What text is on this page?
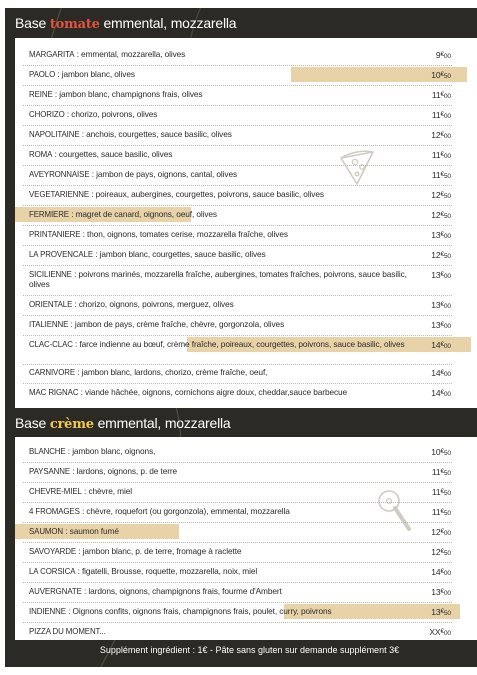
Base tomate emmental, mozzarella
MARGARITA : emmental, mozzarella, olives	9€00
PAOLO : jambon blanc, olives	10€50
REINE : jambon blanc, champignons frais, olives	11€00
CHORIZO : chorizo, poivrons, olives	11€00
NAPOLITAINE : anchois, courgettes, sauce basilic, olives	12€00
ROMA : courgettes, sauce basilic, olives	11€00
AVEYRONNAISE : jambon de pays, oignons, cantal, olives	11€50
VEGETARIENNE : poireaux, aubergines, courgettes, poivrons, sauce basilic, olives	12€50
FERMIERE : magret de canard, oignons, oeuf, olives	12€50
PRINTANIERE : thon, oignons, tomates cerise, mozzarella fraîche, olives	13€00
LA PROVENCALE : jambon blanc, courgettes, sauce basilic, olives	12€50
SICILIENNE : poivrons marinés, mozzarella fraîche, aubergines, tomates fraîches, poivrons, sauce basilic, olives
13€00
ORIENTALE : chorizo, oignons, poivrons, merguez, olives	13€00
ITALIENNE : jambon de pays, crème fraîche, chèvre, gorgonzola, olives	13€00
CLAC-CLAC : farce indienne au bœuf, crème fraîche, poireaux, courgettes, poivrons, sauce basilic, olives	14€00
CARNIVORE : jambon blanc, lardons, chorizo, crème fraîche, oeuf,	14€00
MAC RIGNAC : viande hâchée, oignons, cornichons aigre doux, cheddar,sauce barbecue	14€00
Base crème emmental, mozzarella
BLANCHE : jambon blanc, oignons,	10€50
PAYSANNE : lardons, oignons, p. de terre	11€50
CHEVRE-MIEL : chèvre, miel	11€50
4 FROMAGES : chèvre, roquefort (ou gorgonzola), emmental, mozzarella	11€50
SAUMON : saumon fumé	12€00
SAVOYARDE : jambon blanc, p. de terre, fromage à raclette	12€50
LA CORSICA : figatelli, Brousse, roquette, mozzarella, noix, miel	14€00
AUVERGNATE : lardons, oignons, champignons frais, fourme d'Ambert	13€00
INDIENNE : Oignons confits, oignons frais, champignons frais, poulet, curry, poivrons	13€50
PIZZA DU MOMENT...	XX€00
Supplément ingrédient : 1€ - Pâte sans gluten sur demande supplément 3€
